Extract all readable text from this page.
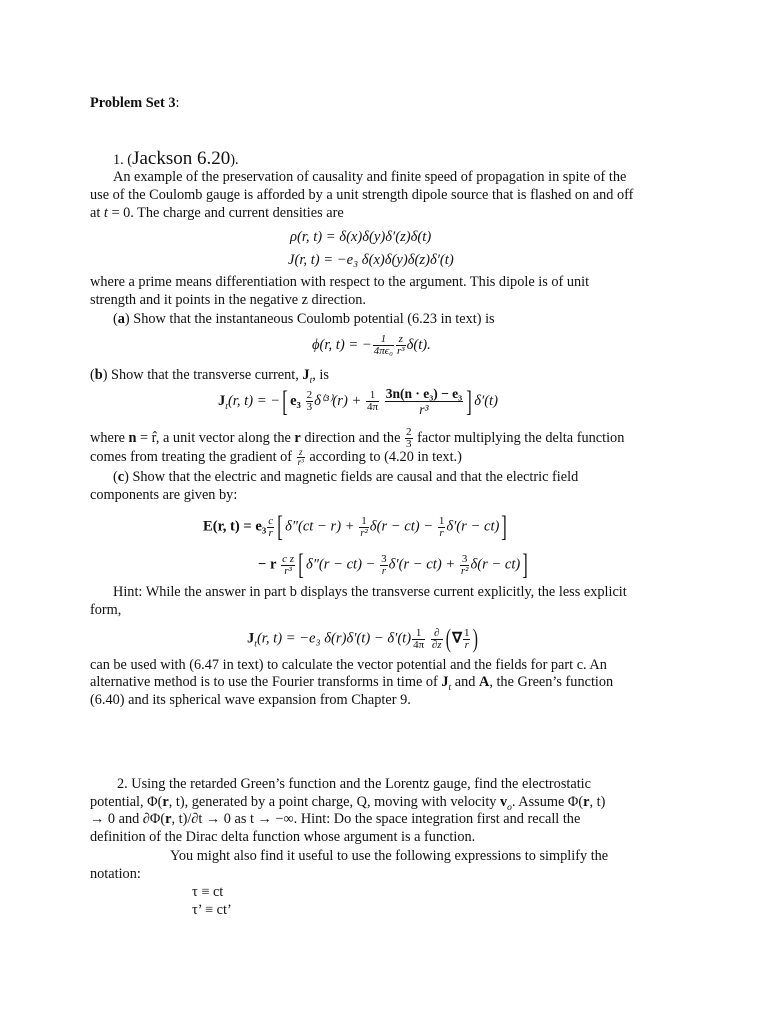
Problem Set 3:
1. (Jackson 6.20).
An example of the preservation of causality and finite speed of propagation in spite of the
use of the Coulomb gauge is afforded by a unit strength dipole source that is flashed on and off
at t = 0. The charge and current densities are
ρ(r, t) = δ(x)δ(y)δ′(z)δ(t)
J(r, t) = −e₃ δ(x)δ(y)δ(z)δ′(t)
where a prime means differentiation with respect to the argument. This dipole is of unit
strength and it points in the negative z direction.
(a) Show that the instantaneous Coulomb potential (6.23 in text) is
ϕ(r, t) = − $\frac{1}{\text{4πϵ₀}} \frac{z}{\text{r³}} \delta(t)$.
(b) Show that the transverse current, $J_t$, is
$J_t(r$, t) = −[ $e_3 \frac{2}{3} \delta^{(3)}(r) + \frac{1}{4\pi}$
$\frac{\text{3n(n · e₃) − e₃}}{\text{r³}}$ ] δ′(t)
where n = r̂, a unit vector along the r direction and the $\frac{2}{3}$ factor multiplying the delta function
comes from treating the gradient of $\frac{z}{\text{r³}}$ according to (4.20 in text.)
(c) Show that the electric and magnetic fields are causal and that the electric field
components are given by:
E(r, $t) = e_3 \frac{c}{r}$ [ $\delta''(ct - r) + \frac{1}{\text{r²}} \delta(r - ct) - \frac{1}{r} \delta'(r - ct)$]
− r $\frac{\text{c z}}{\text{r³}}$ [ $\delta''(r - ct) - \frac{3}{r} \delta'(r - ct) + \frac{3}{\text{r²}} \delta(r - ct)$]
Hint: While the answer in part b displays the transverse current explicitly, the less explicit
form,
$J_t(r$, t) = −e₃ $\delta(r)\delta'(t) - \delta'(t) \frac{1}{4\pi}$
$\frac{\partial}{\partial z}$ ( ∇ $\frac{1}{r}$ )
can be used with (6.47 in text) to calculate the vector potential and the fields for part c. An
alternative method is to use the Fourier transforms in time of $J_t$ and A, the Green’s function
(6.40) and its spherical wave expansion from Chapter 9.
2. Using the retarded Green’s function and the Lorentz gauge, find the electrostatic
potential, Φ(r, t), generated by a point charge, Q, moving with velocity $v_o$. Assume Φ(r, t)
→ 0 and ∂Φ(r, t)/∂t → 0 as t → −∞. Hint: Do the space integration first and recall the
definition of the Dirac delta function whose argument is a function.
You might also find it useful to use the following expressions to simplify the
notation:
τ ≡ ct
τ’ ≡ ct’
